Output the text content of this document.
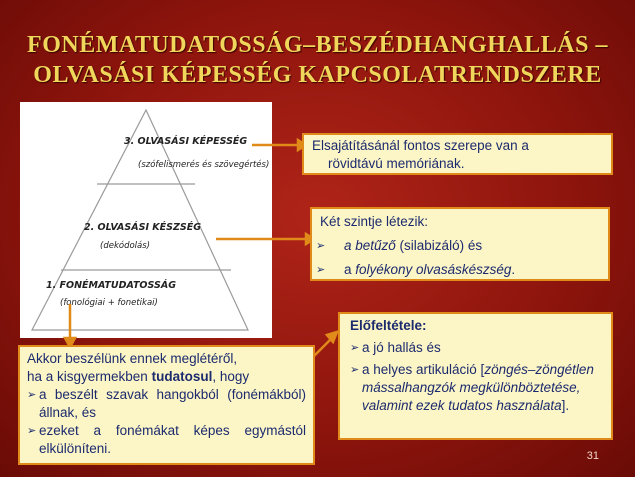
FONÉMATUDATOSSÁG–BESZÉDHANGHALLÁS –
OLVASÁSI KÉPESSÉG KAPCSOLATRENDSZERE
3. OLVASÁSI KÉPESSÉG
(szófelismerés és szövegértés)
2. OLVASÁSI KÉSZSÉG
(dekódolás)
1. FONÉMATUDATOSSÁG
(fonológiai + fonetikai)
Elsajátításánál fontos szerepe van a
rövidtávú memóriának.
Két szintje létezik:
➢ a betűző (silabizáló) és
➢ a folyékony olvasáskészség.
Előfeltétele:
➢ a jó hallás és
➢ a helyes artikuláció [zöngés–zöngétlen mássalhangzók megkülönböztetése, valamint ezek tudatos használata].
Akkor beszélünk ennek meglétéről,
ha a kisgyermekben tudatosul, hogy
➢ a beszélt szavak hangokból (fonémákból) állnak, és
➢ ezeket a fonémákat képes egymástól elkülöníteni.	31
